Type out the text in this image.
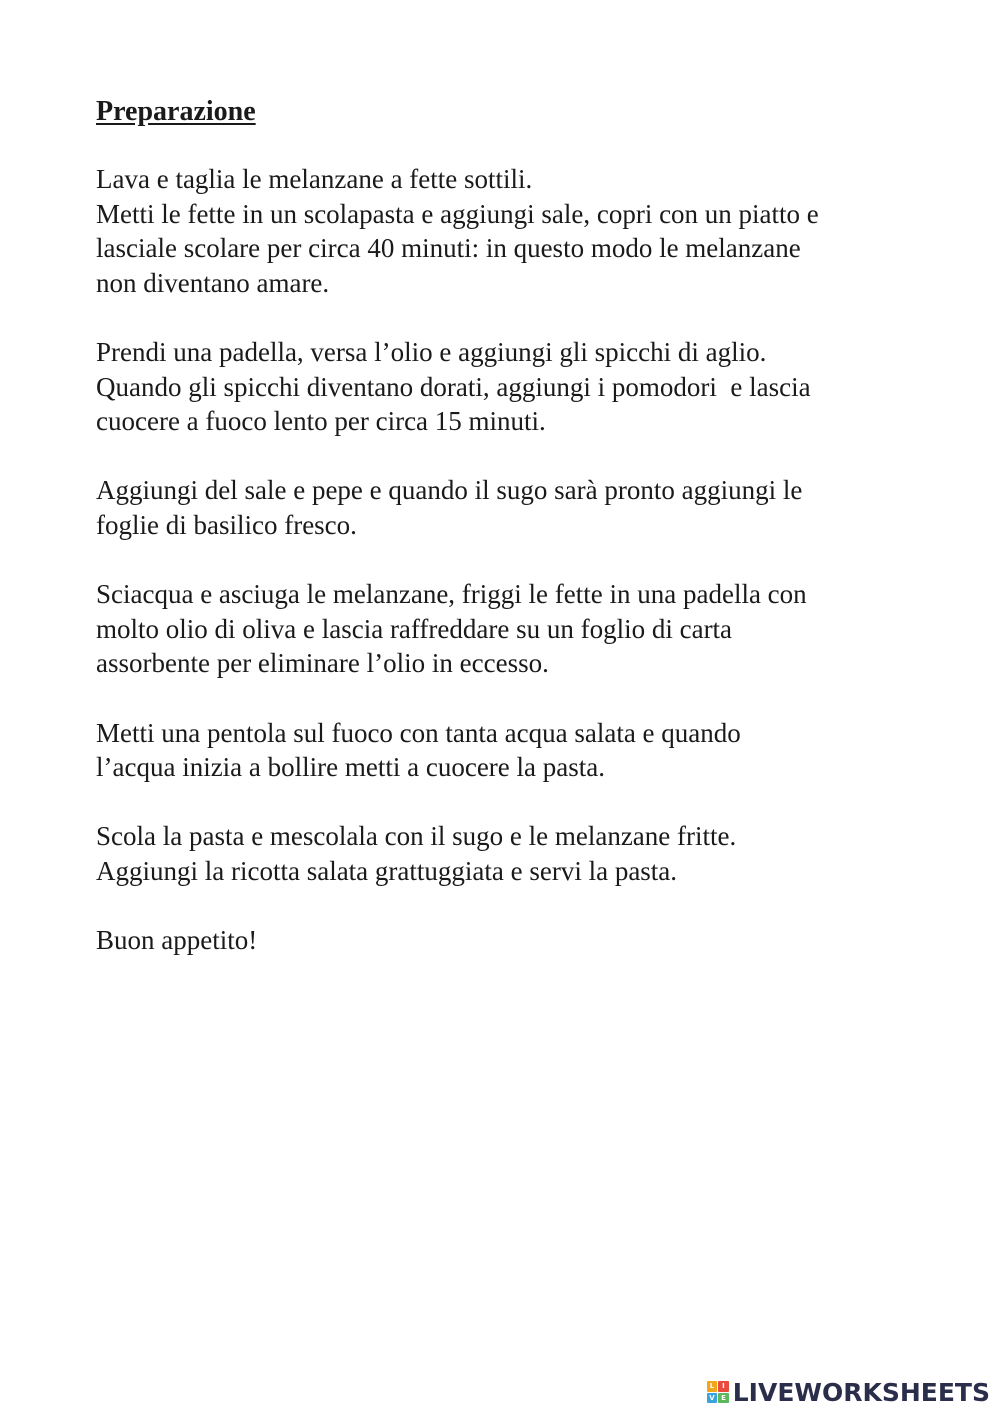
Preparazione
Lava e taglia le melanzane a fette sottili.
Metti le fette in un scolapasta e aggiungi sale, copri con un piatto e
lasciale scolare per circa 40 minuti: in questo modo le melanzane
non diventano amare.
Prendi una padella, versa l’olio e aggiungi gli spicchi di aglio.
Quando gli spicchi diventano dorati, aggiungi i pomodori  e lascia
cuocere a fuoco lento per circa 15 minuti.
Aggiungi del sale e pepe e quando il sugo sarà pronto aggiungi le
foglie di basilico fresco.
Sciacqua e asciuga le melanzane, friggi le fette in una padella con
molto olio di oliva e lascia raffreddare su un foglio di carta
assorbente per eliminare l’olio in eccesso.
Metti una pentola sul fuoco con tanta acqua salata e quando
l’acqua inizia a bollire metti a cuocere la pasta.
Scola la pasta e mescolala con il sugo e le melanzane fritte.
Aggiungi la ricotta salata grattuggiata e servi la pasta.
Buon appetito!
L	I
V E LIVEWORKSHEETS
